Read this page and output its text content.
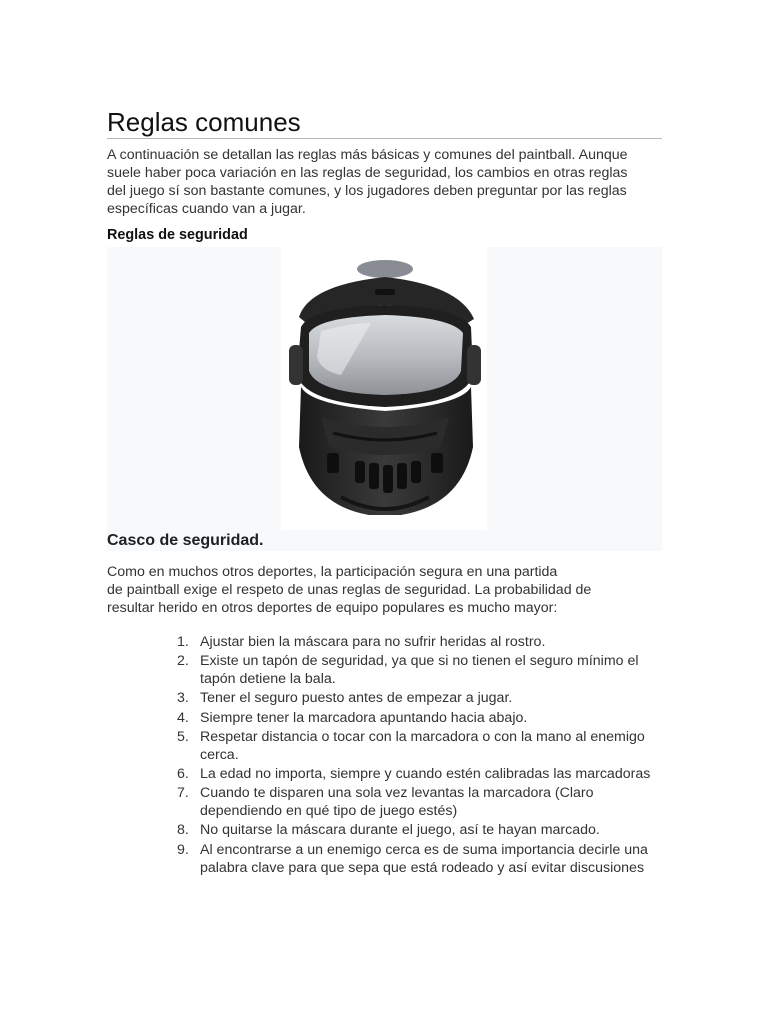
Reglas comunes

A continuación se detallan las reglas más básicas y comunes del paintball. Aunque
suele haber poca variación en las reglas de seguridad, los cambios en otras reglas
del juego sí son bastante comunes, y los jugadores deben preguntar por las reglas
específicas cuando van a jugar.

Reglas de seguridad
Casco de seguridad.

Como en muchos otros deportes, la participación segura en una partida
de paintball exige el respeto de unas reglas de seguridad. La probabilidad de
resultar herido en otros deportes de equipo populares es mucho mayor:

1. Ajustar bien la máscara para no sufrir heridas al rostro.
2. Existe un tapón de seguridad, ya que si no tienen el seguro mínimo el tapón detiene la bala.
3. Tener el seguro puesto antes de empezar a jugar.
4. Siempre tener la marcadora apuntando hacia abajo.
5. Respetar distancia o tocar con la marcadora o con la mano al enemigo cerca.
6. La edad no importa, siempre y cuando estén calibradas las marcadoras
7. Cuando te disparen una sola vez levantas la marcadora (Claro dependiendo en qué tipo de juego estés)
8. No quitarse la máscara durante el juego, así te hayan marcado.
9. Al encontrarse a un enemigo cerca es de suma importancia decirle una palabra clave para que sepa que está rodeado y así evitar discusiones
